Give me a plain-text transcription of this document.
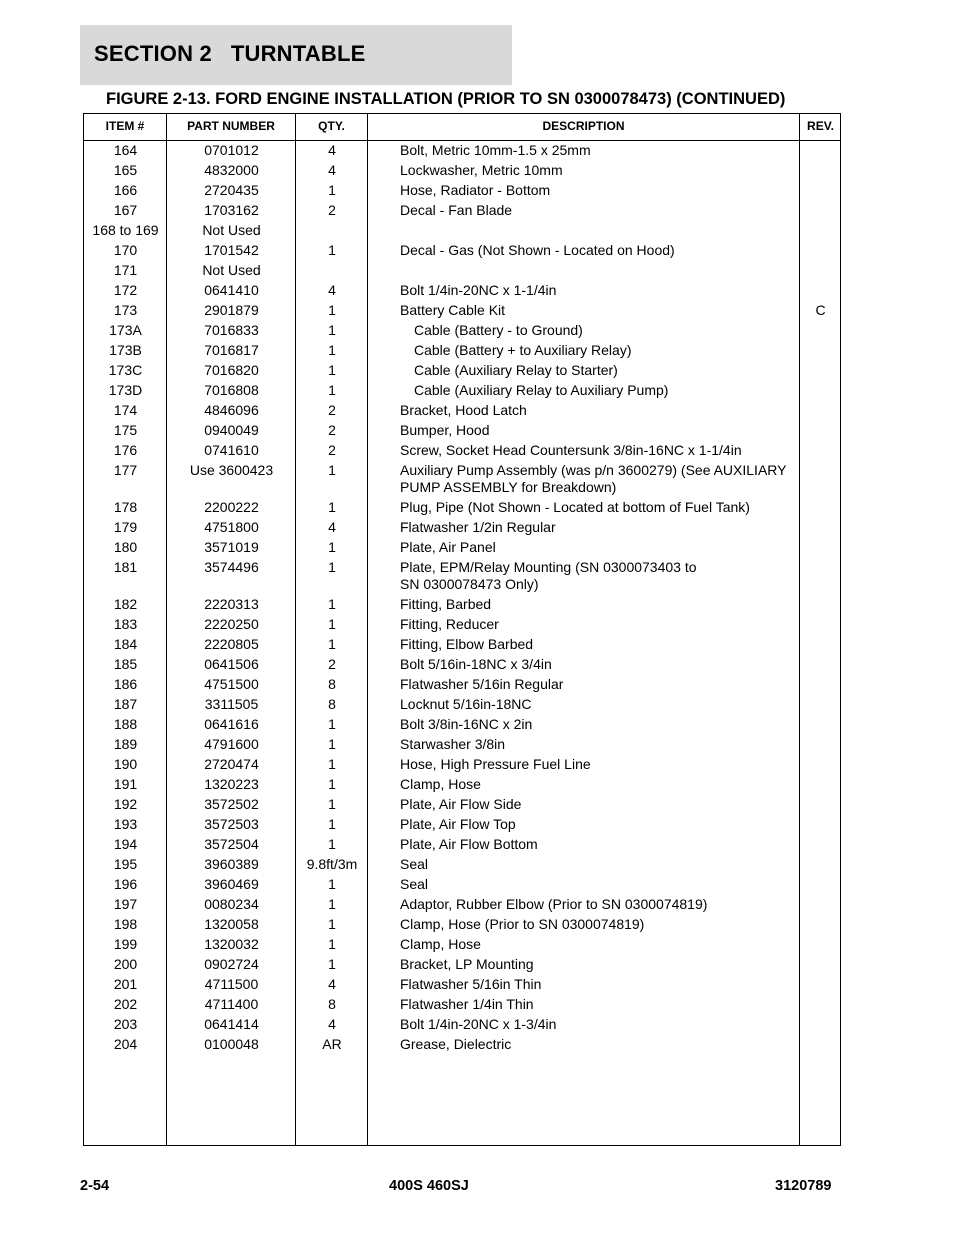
SECTION 2   TURNTABLE
FIGURE 2-13. FORD ENGINE INSTALLATION (PRIOR TO SN 0300078473) (CONTINUED)
ITEM #	PART NUMBER	QTY.	DESCRIPTION	REV.
164	0701012	4	Bolt, Metric 10mm-1.5 x 25mm
165	4832000	4	Lockwasher, Metric 10mm
166	2720435	1	Hose, Radiator - Bottom
167	1703162	2	Decal - Fan Blade
168 to 169	Not Used
170	1701542	1	Decal - Gas (Not Shown - Located on Hood)
171	Not Used
172	0641410	4	Bolt 1/4in-20NC x 1-1/4in
173	2901879	1	Battery Cable Kit	C
173A	7016833	1	Cable (Battery - to Ground)
173B	7016817	1	Cable (Battery + to Auxiliary Relay)
173C	7016820	1	Cable (Auxiliary Relay to Starter)
173D	7016808	1	Cable (Auxiliary Relay to Auxiliary Pump)
174	4846096	2	Bracket, Hood Latch
175	0940049	2	Bumper, Hood
176	0741610	2	Screw, Socket Head Countersunk 3/8in-16NC x 1-1/4in
177	Use 3600423	1	Auxiliary Pump Assembly (was p/n 3600279) (See AUXILIARY PUMP ASSEMBLY for Breakdown)
178	2200222	1	Plug, Pipe (Not Shown - Located at bottom of Fuel Tank)
179	4751800	4	Flatwasher 1/2in Regular
180	3571019	1	Plate, Air Panel
181	3574496	1	Plate, EPM/Relay Mounting (SN 0300073403 to
SN 0300078473 Only)
182	2220313	1	Fitting, Barbed
183	2220250	1	Fitting, Reducer
184	2220805	1	Fitting, Elbow Barbed
185	0641506	2	Bolt 5/16in-18NC x 3/4in
186	4751500	8	Flatwasher 5/16in Regular
187	3311505	8	Locknut 5/16in-18NC
188	0641616	1	Bolt 3/8in-16NC x 2in
189	4791600	1	Starwasher 3/8in
190	2720474	1	Hose, High Pressure Fuel Line
191	1320223	1	Clamp, Hose
192	3572502	1	Plate, Air Flow Side
193	3572503	1	Plate, Air Flow Top
194	3572504	1	Plate, Air Flow Bottom
195	3960389	9.8ft/3m	Seal
196	3960469	1	Seal
197	0080234	1	Adaptor, Rubber Elbow (Prior to SN 0300074819)
198	1320058	1	Clamp, Hose (Prior to SN 0300074819)
199	1320032	1	Clamp, Hose
200	0902724	1	Bracket, LP Mounting
201	4711500	4	Flatwasher 5/16in Thin
202	4711400	8	Flatwasher 1/4in Thin
203	0641414	4	Bolt 1/4in-20NC x 1-3/4in
204	0100048	AR	Grease, Dielectric
2-54	400S 460SJ	3120789
